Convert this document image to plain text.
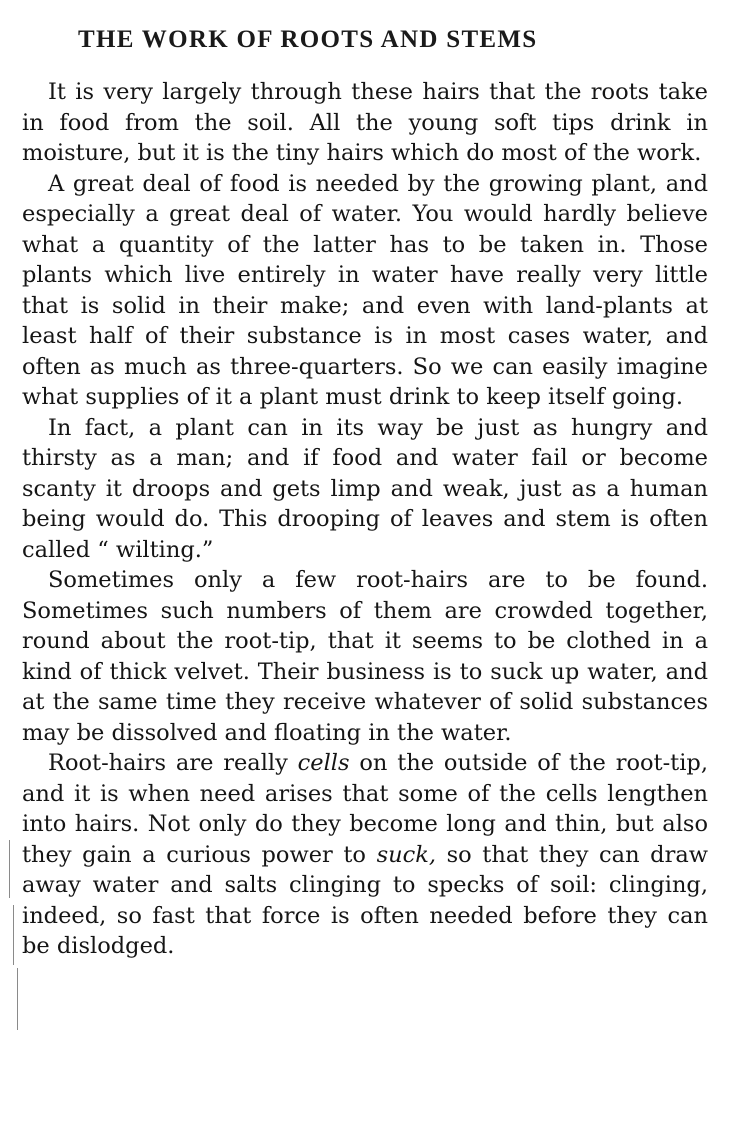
THE WORK OF ROOTS AND STEMS

It is very largely through these hairs that the roots take in food from the soil. All the young soft tips drink in moisture, but it is the tiny hairs which do most of the work.

A great deal of food is needed by the growing plant, and especially a great deal of water. You would hardly believe what a quantity of the latter has to be taken in. Those plants which live entirely in water have really very little that is solid in their make; and even with land-plants at least half of their substance is in most cases water, and often as much as three-quarters. So we can easily imagine what supplies of it a plant must drink to keep itself going.

In fact, a plant can in its way be just as hungry and thirsty as a man; and if food and water fail or become scanty it droops and gets limp and weak, just as a human being would do. This drooping of leaves and stem is often called “ wilting.”

Sometimes only a few root-hairs are to be found. Sometimes such numbers of them are crowded together, round about the root-tip, that it seems to be clothed in a kind of thick velvet. Their business is to suck up water, and at the same time they receive whatever of solid substances may be dissolved and floating in the water.

Root-hairs are really cells on the outside of the root-tip, and it is when need arises that some of the cells lengthen into hairs. Not only do they become long and thin, but also they gain a curious power to suck, so that they can draw away water and salts clinging to specks of soil: clinging, indeed, so fast that force is often needed before they can be dislodged.
